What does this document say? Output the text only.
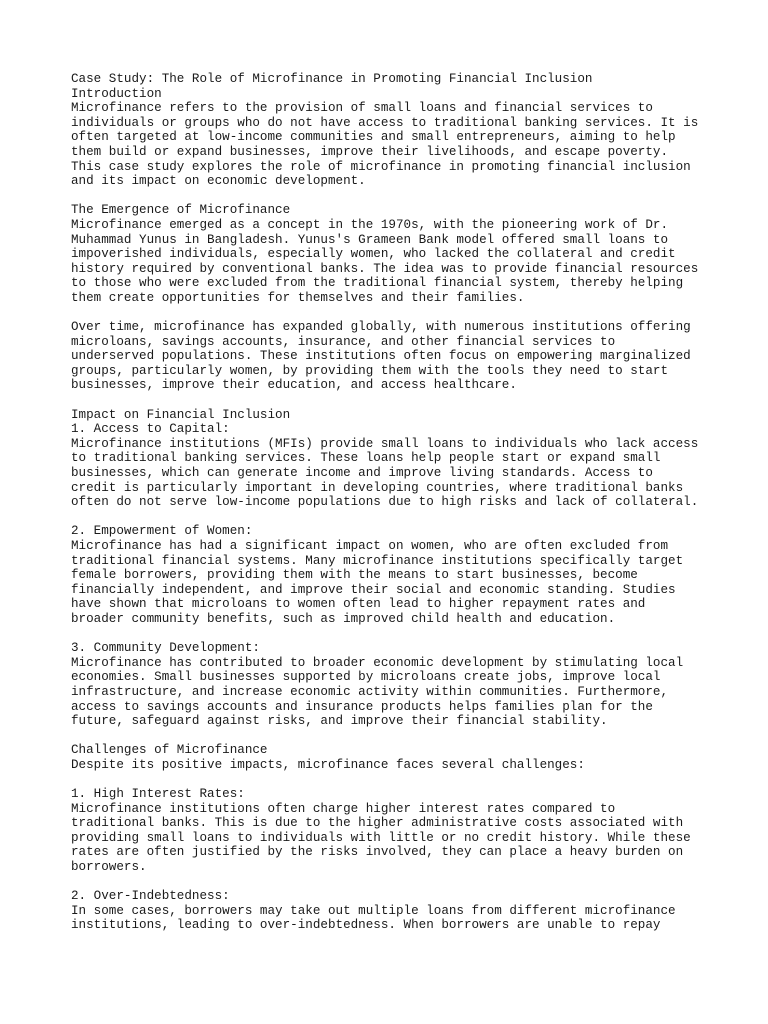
Case Study: The Role of Microfinance in Promoting Financial Inclusion
Introduction
Microfinance refers to the provision of small loans and financial services to
individuals or groups who do not have access to traditional banking services. It is
often targeted at low-income communities and small entrepreneurs, aiming to help
them build or expand businesses, improve their livelihoods, and escape poverty.
This case study explores the role of microfinance in promoting financial inclusion
and its impact on economic development.
The Emergence of Microfinance
Microfinance emerged as a concept in the 1970s, with the pioneering work of Dr.
Muhammad Yunus in Bangladesh. Yunus's Grameen Bank model offered small loans to
impoverished individuals, especially women, who lacked the collateral and credit
history required by conventional banks. The idea was to provide financial resources
to those who were excluded from the traditional financial system, thereby helping
them create opportunities for themselves and their families.
Over time, microfinance has expanded globally, with numerous institutions offering
microloans, savings accounts, insurance, and other financial services to
underserved populations. These institutions often focus on empowering marginalized
groups, particularly women, by providing them with the tools they need to start
businesses, improve their education, and access healthcare.
Impact on Financial Inclusion
1. Access to Capital:
Microfinance institutions (MFIs) provide small loans to individuals who lack access
to traditional banking services. These loans help people start or expand small
businesses, which can generate income and improve living standards. Access to
credit is particularly important in developing countries, where traditional banks
often do not serve low-income populations due to high risks and lack of collateral.
2. Empowerment of Women:
Microfinance has had a significant impact on women, who are often excluded from
traditional financial systems. Many microfinance institutions specifically target
female borrowers, providing them with the means to start businesses, become
financially independent, and improve their social and economic standing. Studies
have shown that microloans to women often lead to higher repayment rates and
broader community benefits, such as improved child health and education.
3. Community Development:
Microfinance has contributed to broader economic development by stimulating local
economies. Small businesses supported by microloans create jobs, improve local
infrastructure, and increase economic activity within communities. Furthermore,
access to savings accounts and insurance products helps families plan for the
future, safeguard against risks, and improve their financial stability.
Challenges of Microfinance
Despite its positive impacts, microfinance faces several challenges:
1. High Interest Rates:
Microfinance institutions often charge higher interest rates compared to
traditional banks. This is due to the higher administrative costs associated with
providing small loans to individuals with little or no credit history. While these
rates are often justified by the risks involved, they can place a heavy burden on
borrowers.
2. Over-Indebtedness:
In some cases, borrowers may take out multiple loans from different microfinance
institutions, leading to over-indebtedness. When borrowers are unable to repay
